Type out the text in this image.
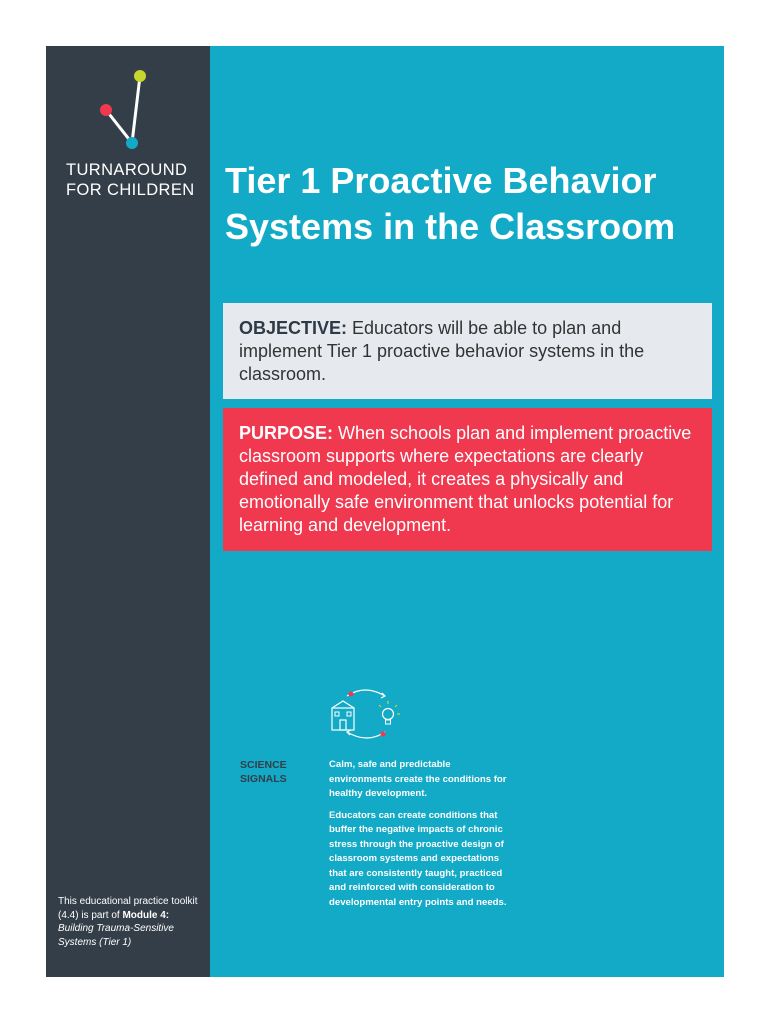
TURNAROUND
FOR CHILDREN
This educational practice toolkit (4.4) is part of Module 4:
Building Trauma-Sensitive Systems (Tier 1)
Tier 1 Proactive Behavior
Systems in the Classroom
OBJECTIVE: Educators will be able to plan and implement Tier 1 proactive behavior systems in the classroom.
PURPOSE: When schools plan and implement proactive classroom supports where expectations are clearly defined and modeled, it creates a physically and emotionally safe environment that unlocks potential for learning and development.
SCIENCE
SIGNALS

Calm, safe and predictable environments create the conditions for healthy development.

Educators can create conditions that buffer the negative impacts of chronic stress through the proactive design of classroom systems and expectations that are consistently taught, practiced and reinforced with consideration to developmental entry points and needs.
